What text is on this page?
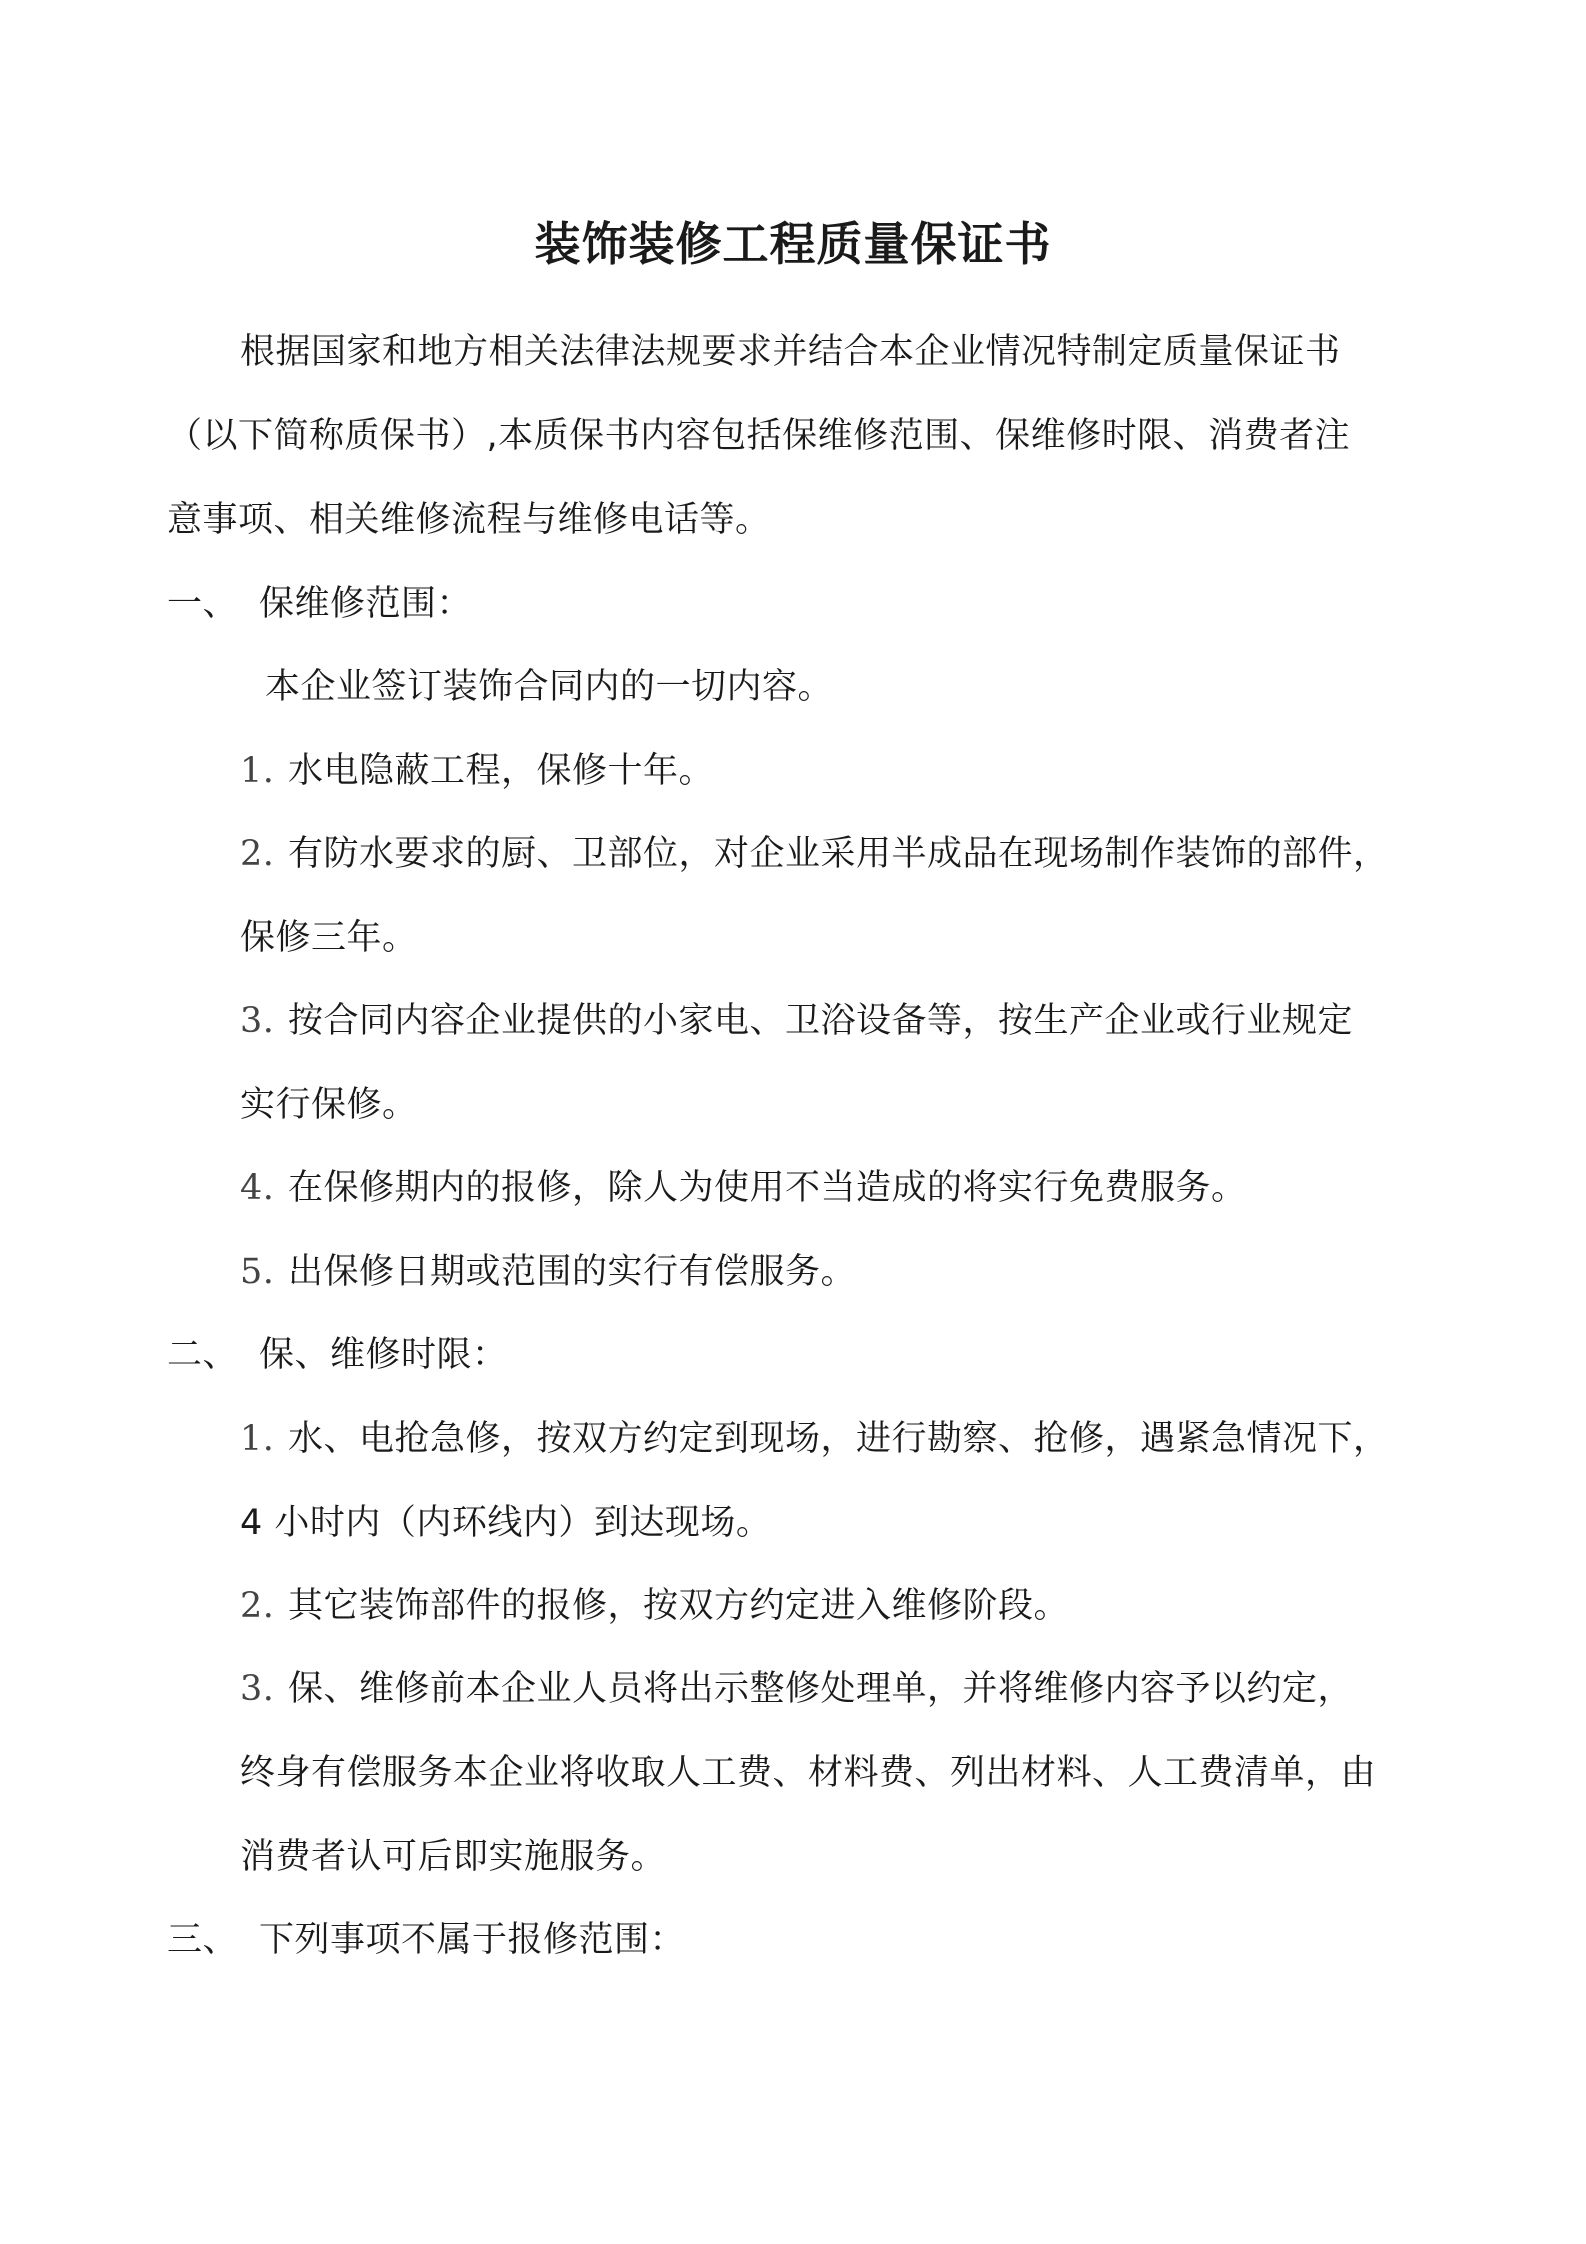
装饰装修工程质量保证书
根据国家和地方相关法律法规要求并结合本企业情况特制定质量保证书
（以下简称质保书）,本质保书内容包括保维修范围、保维修时限、消费者注
意事项、相关维修流程与维修电话等。
一、 保维修范围：
本企业签订装饰合同内的一切内容。
1. 水电隐蔽工程，保修十年。
2. 有防水要求的厨、卫部位，对企业采用半成品在现场制作装饰的部件，
保修三年。
3. 按合同内容企业提供的小家电、卫浴设备等，按生产企业或行业规定
实行保修。
4. 在保修期内的报修，除人为使用不当造成的将实行免费服务。
5. 出保修日期或范围的实行有偿服务。
二、 保、维修时限：
1. 水、电抢急修，按双方约定到现场，进行勘察、抢修，遇紧急情况下，
4 小时内（内环线内）到达现场。
2. 其它装饰部件的报修，按双方约定进入维修阶段。
3. 保、维修前本企业人员将出示整修处理单，并将维修内容予以约定，
终身有偿服务本企业将收取人工费、材料费、列出材料、人工费清单，由
消费者认可后即实施服务。
三、 下列事项不属于报修范围：
